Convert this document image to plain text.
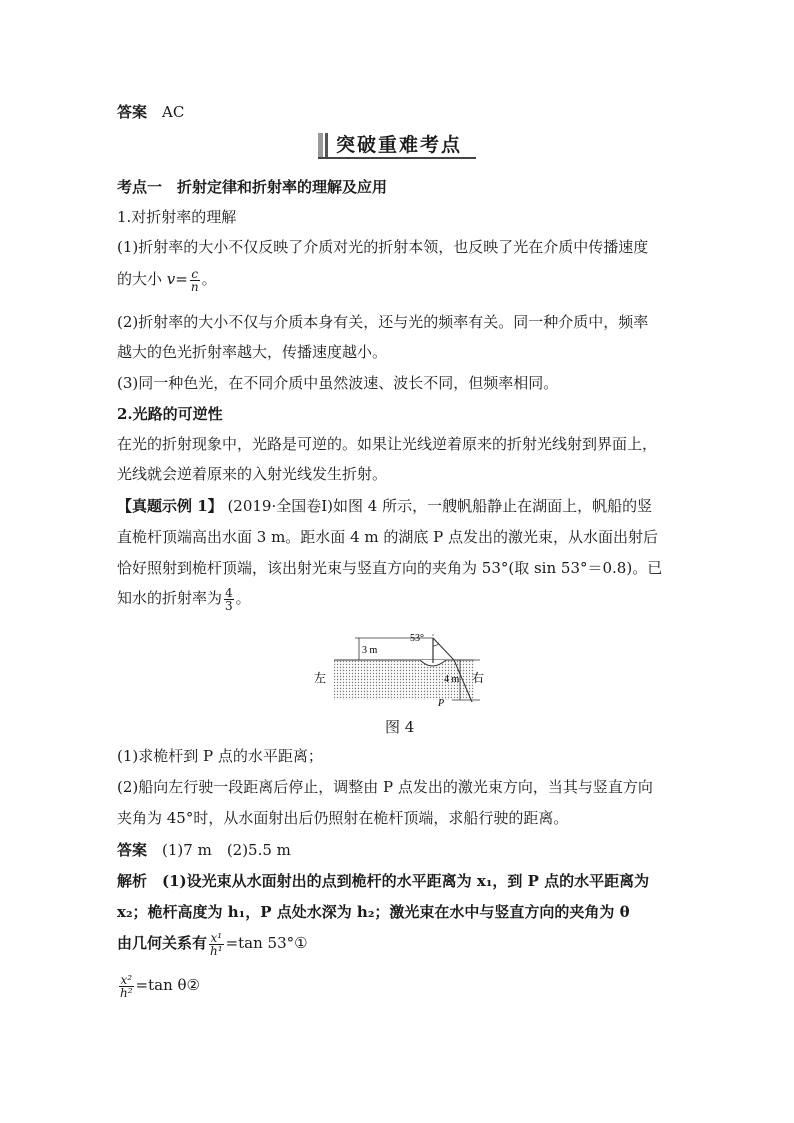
答案　 AC
突破重难考点
考点一　 折射定律和折射率的理解及应用
1.对折射率的理解
(1)折射率的大小不仅反映了介质对光的折射本领，也反映了光在介质中传播速度
的大小 $v= \frac{c}{n}$ 。
(2)折射率的大小不仅与介质本身有关，还与光的频率有关。同一种介质中，频率
越大的色光折射率越大，传播速度越小。
(3)同一种色光，在不同介质中虽然波速、波长不同，但频率相同。
2.光路的可逆性
在光的折射现象中，光路是可逆的。如果让光线逆着原来的折射光线射到界面上，
光线就会逆着原来的入射光线发生折射。
【真题示例 1】 (2019·全国卷Ⅰ)如图 4 所示，一艘帆船静止在湖面上，帆船的竖
直桅杆顶端高出水面 3 m。距水面 4 m 的湖底 P 点发出的激光束，从水面出射后
恰好照射到桅杆顶端，该出射光束与竖直方向的夹角为 53°(取 sin 53°＝0.8)。已
知水的折射率为 $\frac{4}{3}$ 。
53°
3 m
4 m
左	右
P
图 4
(1)求桅杆到 P 点的水平距离；
(2)船向左行驶一段距离后停止，调整由 P 点发出的激光束方向，当其与竖直方向
夹角为 45°时，从水面射出后仍照射在桅杆顶端，求船行驶的距离。
答案　 (1)7 m　(2)5.5 m
解析　(1)设光束从水面射出的点到桅杆的水平距离为 x₁，到 P 点的水平距离为
x₂；桅杆高度为 h₁，P 点处水深为 h₂；激光束在水中与竖直方向的夹角为 θ
由几何关系有 $\frac{\text{x¹}}{\text{h¹}} =\tan$ 53°①
$\frac{\text{x²}}{\text{h²}} =\tan$ θ②
